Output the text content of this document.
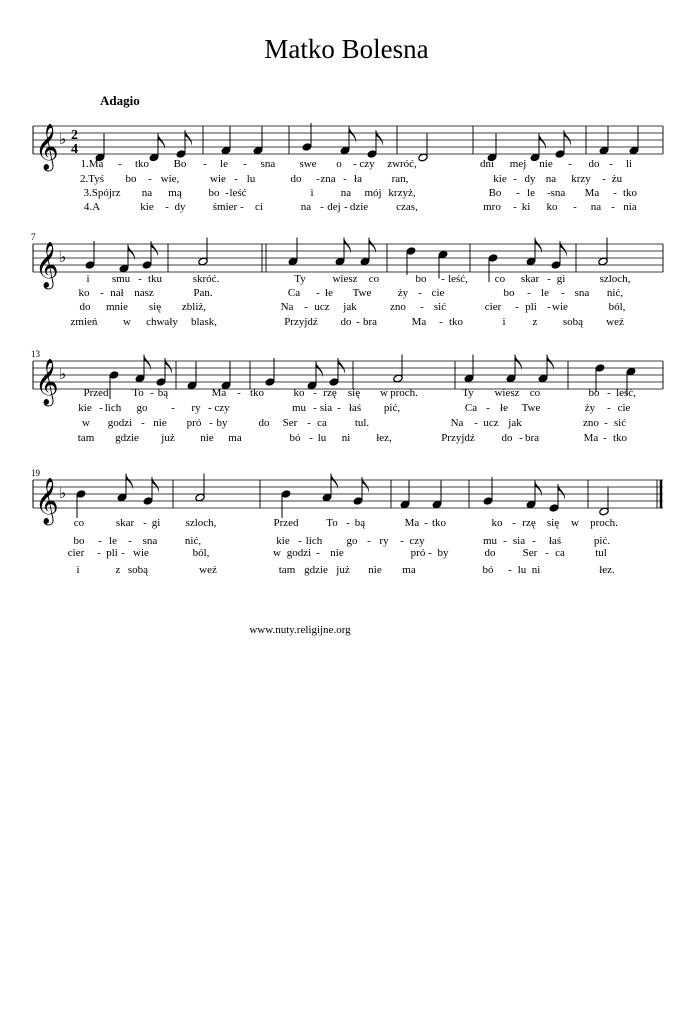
Matko Bolesna
Adagio
𝄞 ♭ 2
4
1.Ma - tko Bo - le - sna swe o - czy zwróć,	dni mej nie - do - li
2.Tyś bo - wie,	wie - lu	do - zna - ła	ran,	kie - dy na krzy - żu
3.Spójrz na mą bo - leść	i na mój krzyż,	Bo - le - sna Ma - tko
4.A	kie - dy śmier - ci	na - dej - dzie	czas,	mro - ki ko - na - nia
7
𝄞 ♭
i smu - tku	skróć.	Ty wiesz co	bo - leść, co skar - gi	szloch,
ko - nał nasz	Pan.	Ca - łe Twe ży - cie	bo - le - sna nić,
do mnie się zbliż,	Na - ucz jak	zno - sić	cier - pli - wie	ból,
zmień w chwały blask,	Przyjdź do - bra	Ma - tko	i z sobą weź
13
𝄞 ♭
Przed To - bą	Ma - tko	ko - rzę się w proch.	Ty wiesz co	bo - leść,
kie - lich go - ry - czy	mu - sia - łaś pić,	Ca - łe Twe	ży - cie
w godzi - nie pró - by	do Ser - ca	tul.	Na - ucz jak	zno - sić
tam gdzie już nie ma	bó - lu ni łez,	Przyjdź do - bra	Ma - tko
19
𝄞 ♭
co	skar - gi szloch,	Przed	To - bą	Ma - tko	ko - rzę się w proch.
bo - le - sna	nić,	kie - lich go - ry - czy	mu - sia - łaś	pić.
cier - pli - wie	ból,	w godzi - nie	pró - by	do Ser - ca	tul
i	z sobą	weź	tam gdzie już nie ma	bó - lu ni	łez.
www.nuty.religijne.org
